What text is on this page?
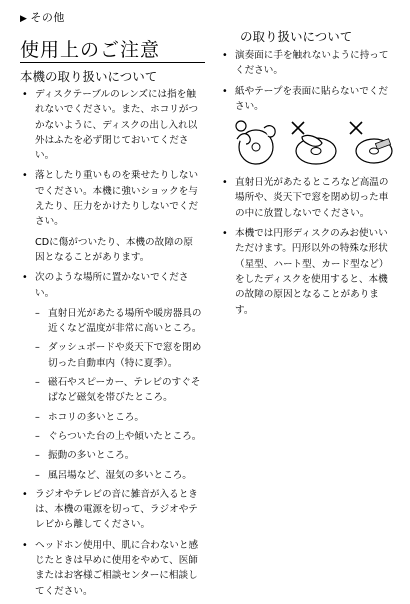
▶ その他
使用上のご注意
本機の取り扱いについて
の取り扱いについて
• ディスクテーブルのレンズには指を触れないでください。また、ホコリがつかないように、ディスクの出し入れ以外はふたを必ず閉じておいてください。
• 落としたり重いものを乗せたりしないでください。本機に強いショックを与えたり、圧力をかけたりしないでください。
CDに傷がついたり、本機の故障の原因となることがあります。
• 次のような場所に置かないでください。
– 直射日光があたる場所や暖房器具の近くなど温度が非常に高いところ。
– ダッシュボードや炎天下で窓を閉め切った自動車内（特に夏季）。
– 磁石やスピーカー、テレビのすぐそばなど磁気を帯びたところ。
– ホコリの多いところ。
– ぐらついた台の上や傾いたところ。
– 振動の多いところ。
– 風呂場など、湿気の多いところ。
• ラジオやテレビの音に雑音が入るときは、本機の電源を切って、ラジオやテレビから離してください。
• ヘッドホン使用中、肌に合わないと感じたときは早めに使用をやめて、医師またはお客様ご相談センターに相談してください。
• 演奏面に手を触れないように持ってください。
• 紙やテープを表面に貼らないでください。
• 直射日光があたるところなど高温の場所や、炎天下で窓を閉め切った車の中に放置しないでください。
• 本機では円形ディスクのみお使いいただけます。円形以外の特殊な形状（星型、ハート型、カード型など）をしたディスクを使用すると、本機の故障の原因となることがあります。
